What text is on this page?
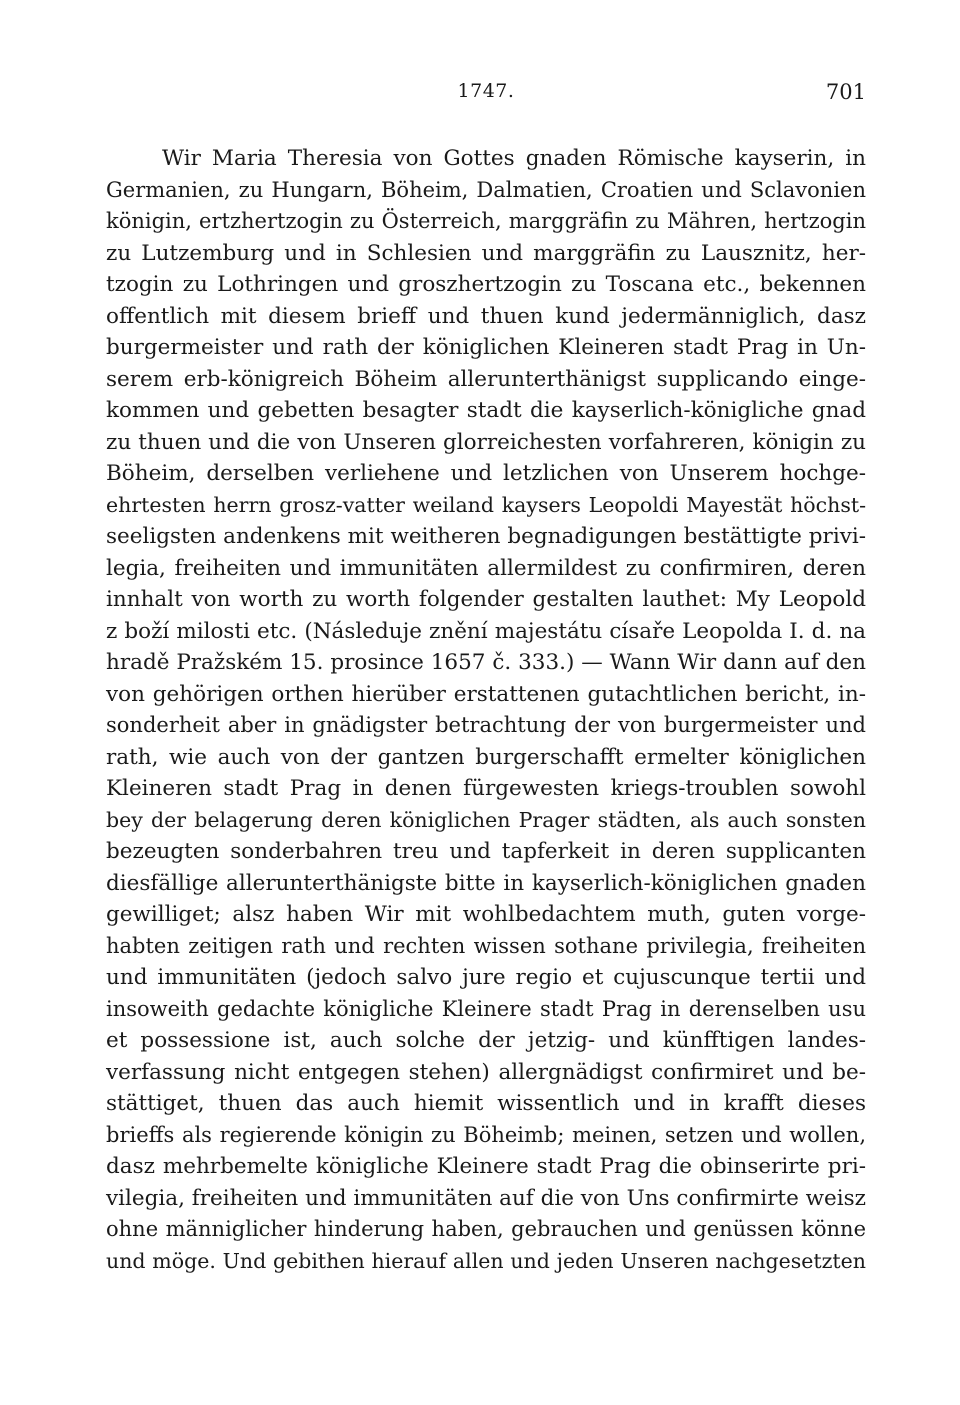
1747.	701
Wir Maria Theresia von Gottes gnaden Römische kayserin, in
Germanien, zu Hungarn, Böheim, Dalmatien, Croatien und Sclavonien
königin, ertzhertzogin zu Österreich, marggräfin zu Mähren, hertzogin
zu Lutzemburg und in Schlesien und marggräfin zu Lausznitz, her-
tzogin zu Lothringen und groszhertzogin zu Toscana etc., bekennen
offentlich mit diesem brieff und thuen kund jedermänniglich, dasz
burgermeister und rath der königlichen Kleineren stadt Prag in Un-
serem erb-königreich Böheim allerunterthänigst supplicando einge-
kommen und gebetten besagter stadt die kayserlich-königliche gnad
zu thuen und die von Unseren glorreichesten vorfahreren, königin zu
Böheim, derselben verliehene und letzlichen von Unserem hochge-
ehrtesten herrn grosz-vatter weiland kaysers Leopoldi Mayestät höchst-
seeligsten andenkens mit weitheren begnadigungen bestättigte privi-
legia, freiheiten und immunitäten allermildest zu confirmiren, deren
innhalt von worth zu worth folgender gestalten lauthet: My Leopold
z boží milosti etc. (Následuje znění majestátu císaře Leopolda I. d. na
hradě Pražském 15. prosince 1657 č. 333.) — Wann Wir dann auf den
von gehörigen orthen hierüber erstattenen gutachtlichen bericht, in-
sonderheit aber in gnädigster betrachtung der von burgermeister und
rath, wie auch von der gantzen burgerschafft ermelter königlichen
Kleineren stadt Prag in denen fürgewesten kriegs-troublen sowohl
bey der belagerung deren königlichen Prager städten, als auch sonsten
bezeugten sonderbahren treu und tapferkeit in deren supplicanten
diesfällige allerunterthänigste bitte in kayserlich-königlichen gnaden
gewilliget; alsz haben Wir mit wohlbedachtem muth, guten vorge-
habten zeitigen rath und rechten wissen sothane privilegia, freiheiten
und immunitäten (jedoch salvo jure regio et cujuscunque tertii und
insoweith gedachte königliche Kleinere stadt Prag in derenselben usu
et possessione ist, auch solche der jetzig- und künfftigen landes-
verfassung nicht entgegen stehen) allergnädigst confirmiret und be-
stättiget, thuen das auch hiemit wissentlich und in krafft dieses
brieffs als regierende königin zu Böheimb; meinen, setzen und wollen,
dasz mehrbemelte königliche Kleinere stadt Prag die obinserirte pri-
vilegia, freiheiten und immunitäten auf die von Uns confirmirte weisz
ohne männiglicher hinderung haben, gebrauchen und genüssen könne
und möge. Und gebithen hierauf allen und jeden Unseren nachgesetzten
